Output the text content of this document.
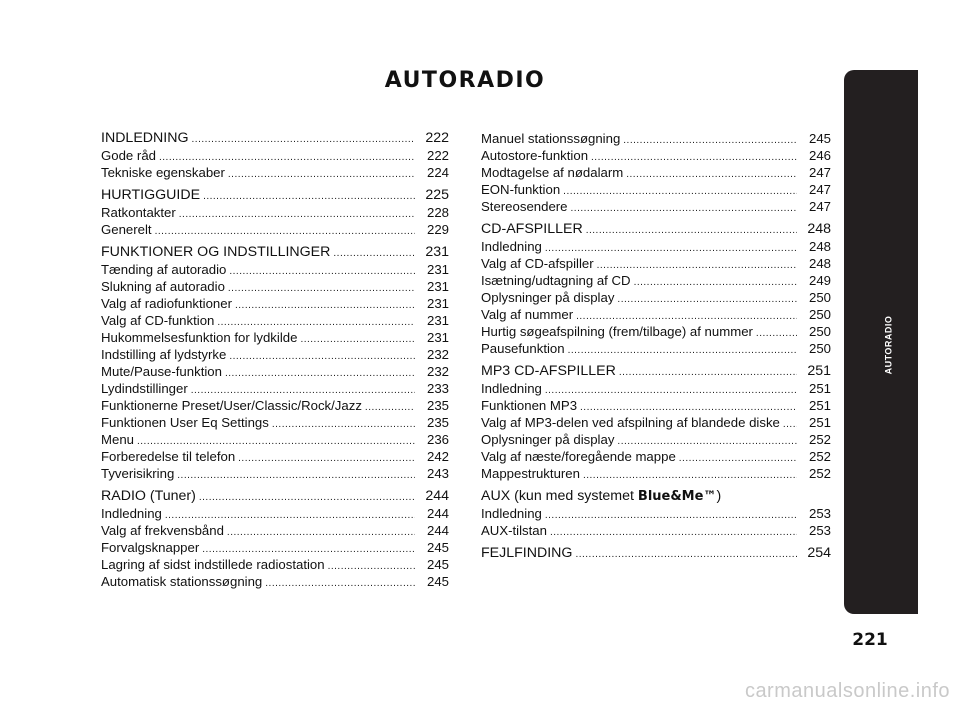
AUTORADIO
221
AUTORADIO
INDLEDNING .....	222
Gode råd .....	222
Tekniske egenskaber .....	224
HURTIGGUIDE .....	225
Ratkontakter .....	228
Generelt .....	229
FUNKTIONER OG INDSTILLINGER .....	231
Tænding af autoradio .....	231
Slukning af autoradio .....	231
Valg af radiofunktioner .....	231
Valg af CD-funktion .....	231
Hukommelsesfunktion for lydkilde .....	231
Indstilling af lydstyrke .....	232
Mute/Pause-funktion .....	232
Lydindstillinger .....	233
Funktionerne Preset/User/Classic/Rock/Jazz .....	235
Funktionen User Eq Settings .....	235
Menu .....	236
Forberedelse til telefon .....	242
Tyverisikring .....	243
RADIO (Tuner) .....	244
Indledning .....	244
Valg af frekvensbånd .....	244
Forvalgsknapper .....	245
Lagring af sidst indstillede radiostation .....	245
Automatisk stationssøgning .....	245
Manuel stationssøgning .....	245
Autostore-funktion .....	246
Modtagelse af nødalarm .....	247
EON-funktion .....	247
Stereosendere .....	247
CD-AFSPILLER .....	248
Indledning .....	248
Valg af CD-afspiller .....	248
Isætning/udtagning af CD .....	249
Oplysninger på display .....	250
Valg af nummer .....	250
Hurtig søgeafspilning (frem/tilbage) af nummer .....	250
Pausefunktion .....	250
MP3 CD-AFSPILLER .....	251
Indledning .....	251
Funktionen MP3 .....	251
Valg af MP3-delen ved afspilning af blandede diske .....	251
Oplysninger på display .....	252
Valg af næste/foregående mappe .....	252
Mappestrukturen .....	252
AUX (kun med systemet Blue&Me™)
Indledning .....	253
AUX-tilstan .....	253
FEJLFINDING .....	254
carmanualsonline.info
